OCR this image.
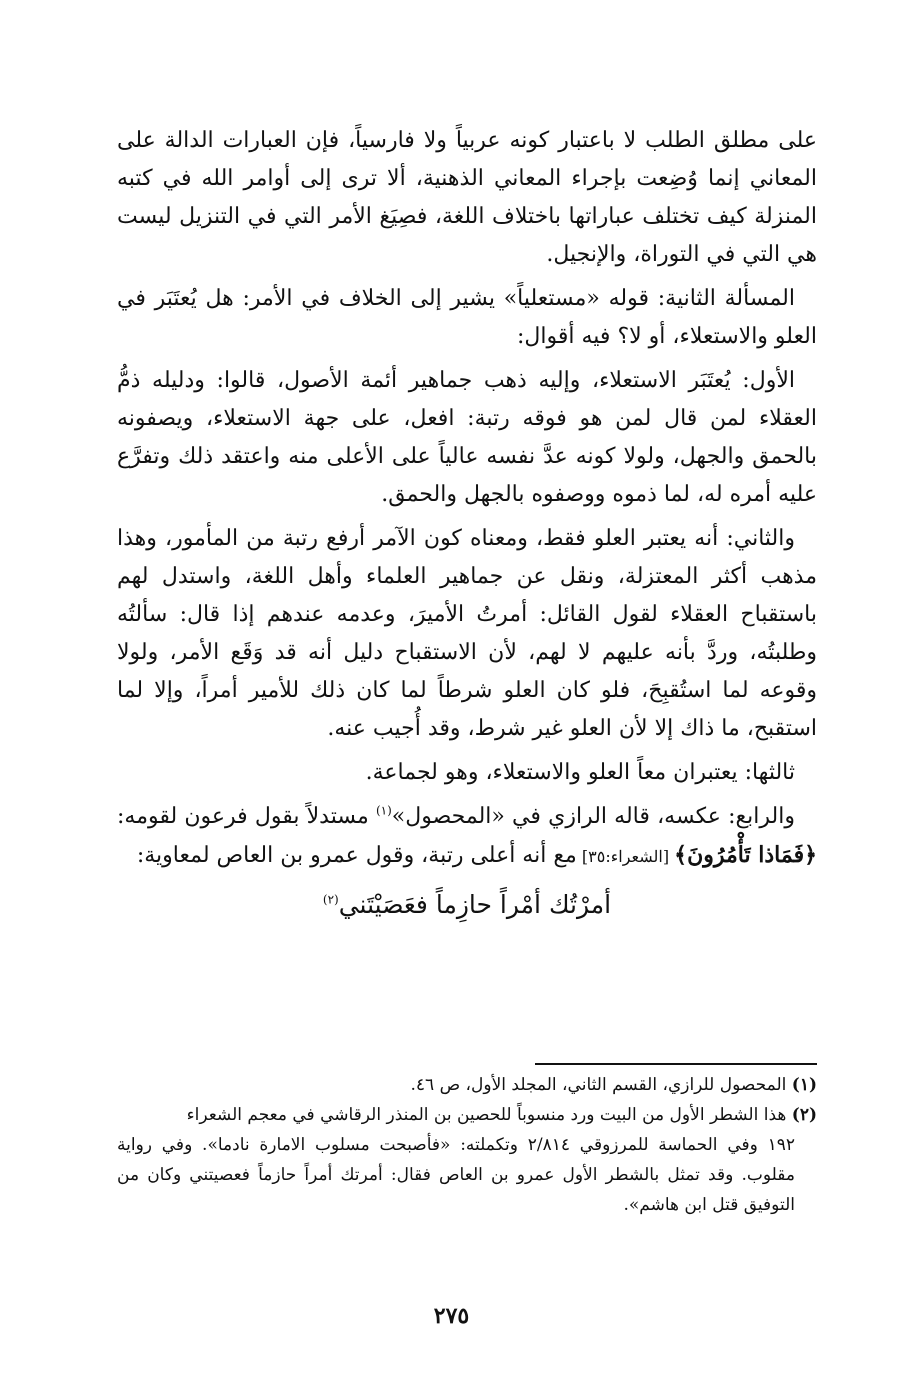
على مطلق الطلب لا باعتبار كونه عربياً ولا فارسياً، فإن العبارات الدالة على المعاني إنما وُضِعت بإجراء المعاني الذهنية، ألا ترى إلى أوامر الله في كتبه المنزلة كيف تختلف عباراتها باختلاف اللغة، فصِيَغ الأمر التي في التنزيل ليست هي التي في التوراة، والإنجيل.

المسألة الثانية: قوله «مستعلياً» يشير إلى الخلاف في الأمر: هل يُعتَبَر في العلو والاستعلاء، أو لا؟ فيه أقوال:

الأول: يُعتَبَر الاستعلاء، وإليه ذهب جماهير أئمة الأصول، قالوا: ودليله ذمُّ العقلاء لمن قال لمن هو فوقه رتبة: افعل، على جهة الاستعلاء، ويصفونه بالحمق والجهل، ولولا كونه عدَّ نفسه عالياً على الأعلى منه واعتقد ذلك وتفرَّع عليه أمره له، لما ذموه ووصفوه بالجهل والحمق.

والثاني: أنه يعتبر العلو فقط، ومعناه كون الآمر أرفع رتبة من المأمور، وهذا مذهب أكثر المعتزلة، ونقل عن جماهير العلماء وأهل اللغة، واستدل لهم باستقباح العقلاء لقول القائل: أمرتُ الأميرَ، وعدمه عندهم إذا قال: سألتُه وطلبتُه، وردَّ بأنه عليهم لا لهم، لأن الاستقباح دليل أنه قد وَقَع الأمر، ولولا وقوعه لما استُقبِحَ، فلو كان العلو شرطاً لما كان ذلك للأمير أمراً، وإلا لما استقبح، ما ذاك إلا لأن العلو غير شرط، وقد أُجيب عنه.

ثالثها: يعتبران معاً العلو والاستعلاء، وهو لجماعة.

والرابع: عكسه، قاله الرازي في «المحصول»$^{(١)}$ مستدلاً بقول فرعون لقومه: ﴿فَمَاذا تَأْمُرُونَ﴾ [الشعراء:٣٥] مع أنه أعلى رتبة، وقول عمرو بن العاص لمعاوية:

أمرْتُك أمْراً حازِماً فعَصَيْتَني$^{(٢)}$

(١) المحصول للرازي، القسم الثاني، المجلد الأول، ص ٤٦.

(٢) هذا الشطر الأول من البيت ورد منسوباً للحصين بن المنذر الرقاشي في معجم الشعراء

١٩٢ وفي الحماسة للمرزوقي ٢/٨١٤ وتكملته: «فأصبحت مسلوب الامارة نادما». وفي رواية مقلوب. وقد تمثل بالشطر الأول عمرو بن العاص فقال: أمرتك أمراً حازماً فعصيتني وكان من التوفيق قتل ابن هاشم».

٢٧٥
